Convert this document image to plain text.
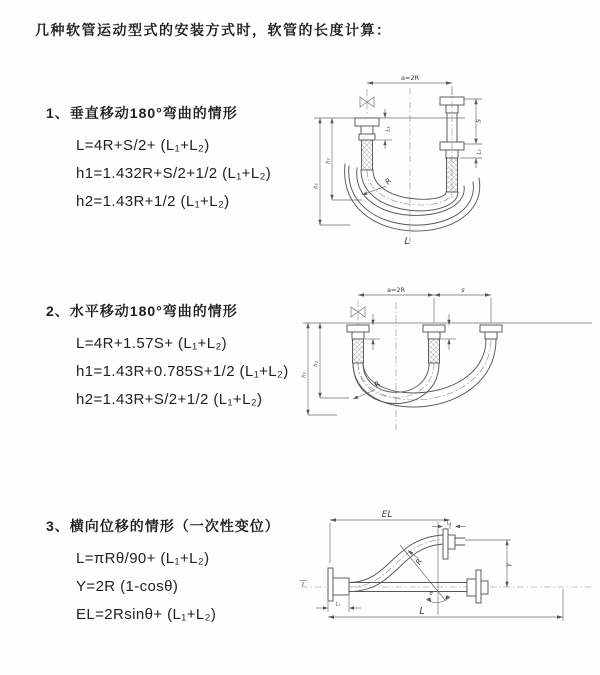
几种软管运动型式的安装方式时，软管的长度计算：
1、垂直移动180°弯曲的情形
L=4R+S/2+ (L₁+L₂)
h1=1.432R+S/2+1/2 (L₁+L₂)
h2=1.43R+1/2 (L₁+L₂)
2、水平移动180°弯曲的情形
L=4R+1.57S+ (L₁+L₂)
h1=1.43R+0.785S+1/2 (L₁+L₂)
h2=1.43R+S/2+1/2 (L₁+L₂)
3、横向位移的情形（一次性变位）
L=πRθ/90+ (L₁+L₂)
Y=2R (1-cosθ)
EL=2Rsinθ+ (L₁+L₂)
a=2R
L₁
S
L₂
h₁
h₂
R
L
a=2R	s
h₁
h₂
R
z
EL
L₂
θ
R	Y
L₁
L
